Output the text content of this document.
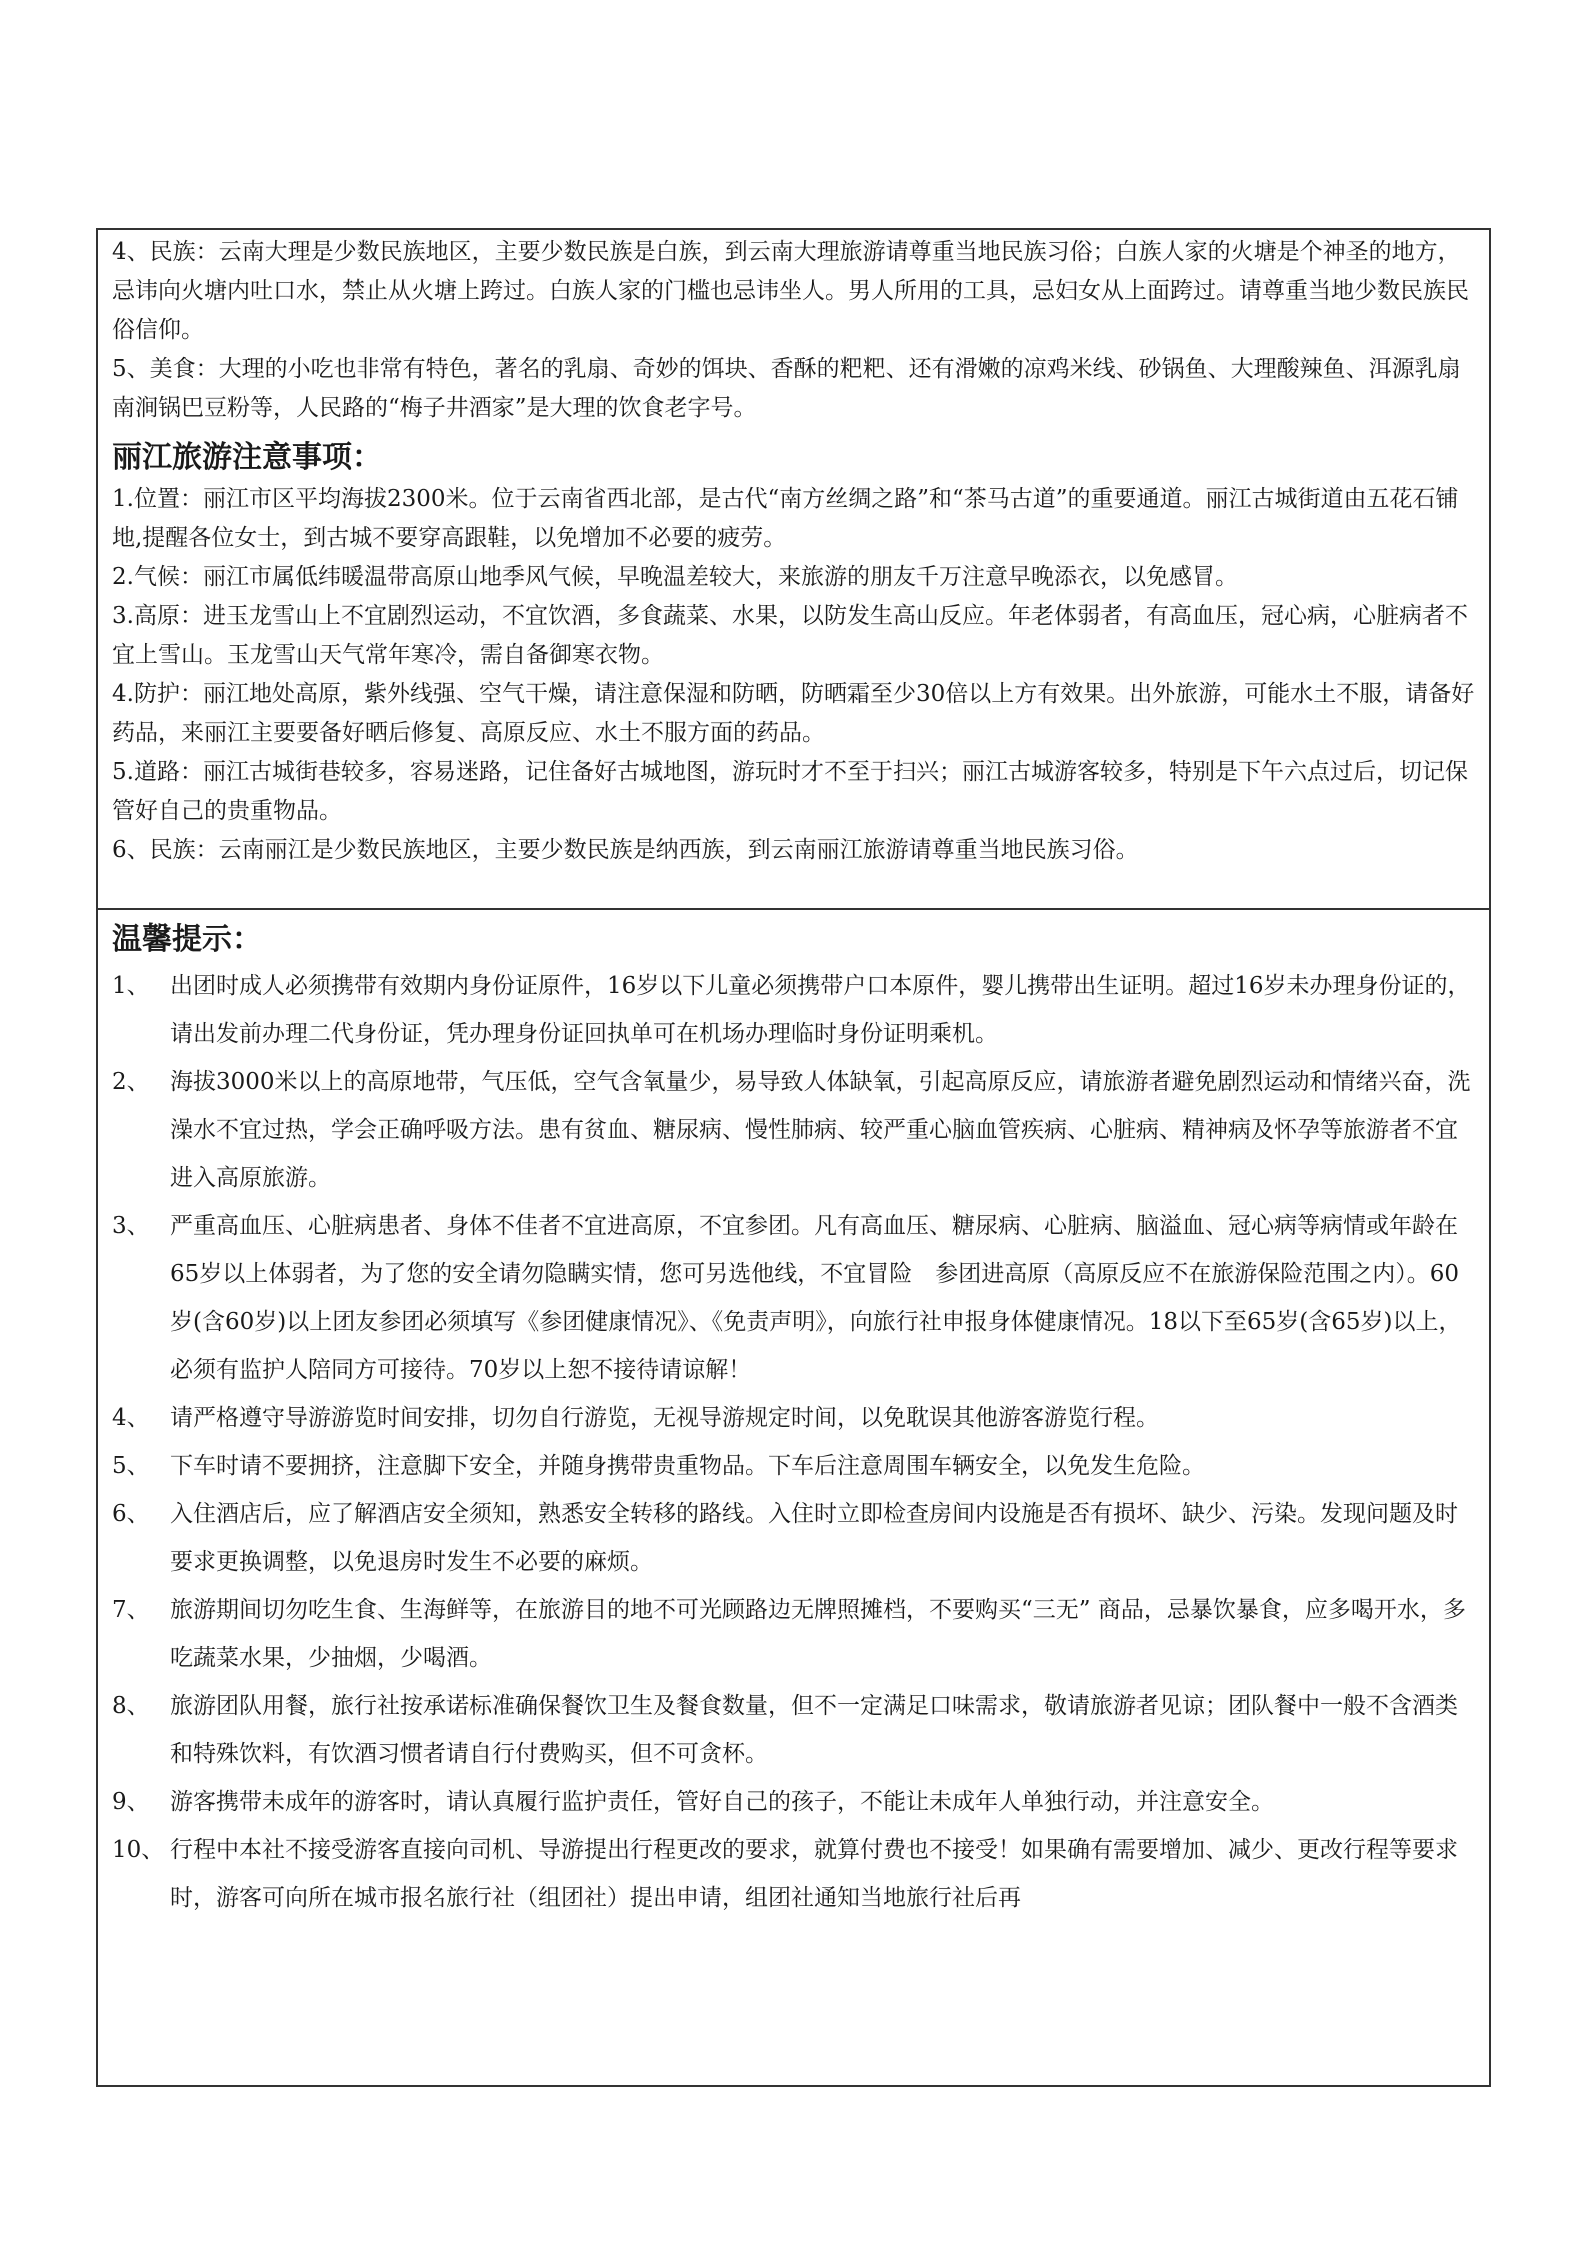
4、民族：云南大理是少数民族地区，主要少数民族是白族，到云南大理旅游请尊重当地民族习俗；白族人家的火塘是个神圣的地方，忌讳向火塘内吐口水，禁止从火塘上跨过。白族人家的门槛也忌讳坐人。男人所用的工具，忌妇女从上面跨过。请尊重当地少数民族民俗信仰。

5、美食：大理的小吃也非常有特色，著名的乳扇、奇妙的饵块、香酥的粑粑、还有滑嫩的凉鸡米线、砂锅鱼、大理酸辣鱼、洱源乳扇南涧锅巴豆粉等，人民路的“梅子井酒家”是大理的饮食老字号。

丽江旅游注意事项：

1.位置：丽江市区平均海拔2300米。位于云南省西北部，是古代“南方丝绸之路”和“茶马古道”的重要通道。丽江古城街道由五花石铺地,提醒各位女士，到古城不要穿高跟鞋，以免增加不必要的疲劳。

2.气候：丽江市属低纬暖温带高原山地季风气候，早晚温差较大，来旅游的朋友千万注意早晚添衣，以免感冒。

3.高原：进玉龙雪山上不宜剧烈运动，不宜饮酒，多食蔬菜、水果，以防发生高山反应。年老体弱者，有高血压，冠心病，心脏病者不宜上雪山。玉龙雪山天气常年寒冷，需自备御寒衣物。

4.防护：丽江地处高原，紫外线强、空气干燥，请注意保湿和防晒，防晒霜至少30倍以上方有效果。出外旅游，可能水土不服，请备好药品，来丽江主要要备好晒后修复、高原反应、水土不服方面的药品。

5.道路：丽江古城街巷较多，容易迷路，记住备好古城地图，游玩时才不至于扫兴；丽江古城游客较多，特别是下午六点过后，切记保管好自己的贵重物品。

6、民族：云南丽江是少数民族地区，主要少数民族是纳西族，到云南丽江旅游请尊重当地民族习俗。

温馨提示：
1、 出团时成人必须携带有效期内身份证原件，16岁以下儿童必须携带户口本原件，婴儿携带出生证明。超过16岁未办理身份证的，请出发前办理二代身份证，凭办理身份证回执单可在机场办理临时身份证明乘机。
2、 海拔3000米以上的高原地带，气压低，空气含氧量少，易导致人体缺氧，引起高原反应，请旅游者避免剧烈运动和情绪兴奋，洗澡水不宜过热，学会正确呼吸方法。患有贫血、糖尿病、慢性肺病、较严重心脑血管疾病、心脏病、精神病及怀孕等旅游者不宜进入高原旅游。
3、 严重高血压、心脏病患者、身体不佳者不宜进高原，不宜参团。凡有高血压、糖尿病、心脏病、脑溢血、冠心病等病情或年龄在65岁以上体弱者，为了您的安全请勿隐瞒实情，您可另选他线，不宜冒险　参团进高原（高原反应不在旅游保险范围之内）。60岁(含60岁)以上团友参团必须填写《参团健康情况》、《免责声明》，向旅行社申报身体健康情况。18以下至65岁(含65岁)以上，必须有监护人陪同方可接待。70岁以上恕不接待请谅解！
4、 请严格遵守导游游览时间安排，切勿自行游览，无视导游规定时间，以免耽误其他游客游览行程。
5、 下车时请不要拥挤，注意脚下安全，并随身携带贵重物品。下车后注意周围车辆安全，以免发生危险。
6、 入住酒店后，应了解酒店安全须知，熟悉安全转移的路线。入住时立即检查房间内设施是否有损坏、缺少、污染。发现问题及时要求更换调整，以免退房时发生不必要的麻烦。
7、 旅游期间切勿吃生食、生海鲜等，在旅游目的地不可光顾路边无牌照摊档，不要购买“三无” 商品，忌暴饮暴食，应多喝开水，多吃蔬菜水果，少抽烟，少喝酒。
8、 旅游团队用餐，旅行社按承诺标准确保餐饮卫生及餐食数量，但不一定满足口味需求，敬请旅游者见谅；团队餐中一般不含酒类和特殊饮料，有饮酒习惯者请自行付费购买，但不可贪杯。
9、 游客携带未成年的游客时，请认真履行监护责任，管好自己的孩子，不能让未成年人单独行动，并注意安全。
10、 行程中本社不接受游客直接向司机、导游提出行程更改的要求，就算付费也不接受！如果确有需要增加、减少、更改行程等要求时，游客可向所在城市报名旅行社（组团社）提出申请，组团社通知当地旅行社后再
